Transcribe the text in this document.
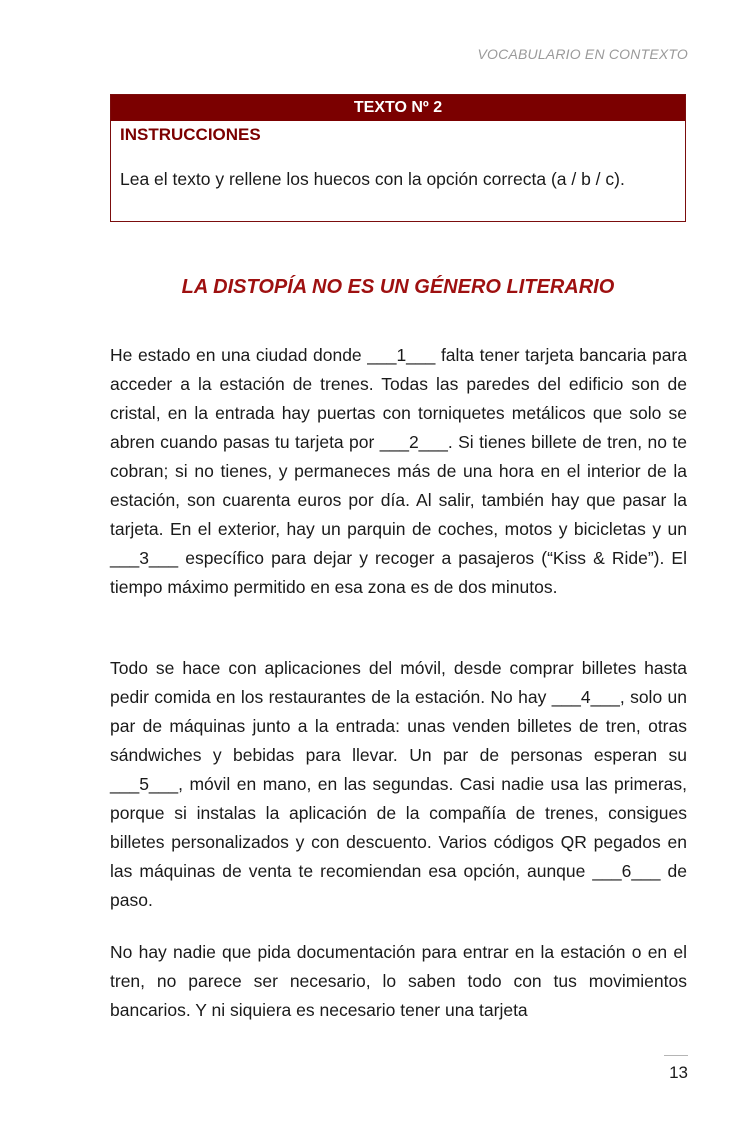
VOCABULARIO EN CONTEXTO
TEXTO Nº 2
INSTRUCCIONES
Lea el texto y rellene los huecos con la opción correcta (a / b / c).
LA DISTOPÍA NO ES UN GÉNERO LITERARIO
He estado en una ciudad donde ___1___ falta tener tarjeta bancaria para acceder a la estación de trenes. Todas las paredes del edificio son de cristal, en la entrada hay puertas con torniquetes metálicos que solo se abren cuando pasas tu tarjeta por ___2___. Si tienes billete de tren, no te cobran; si no tienes, y permaneces más de una hora en el interior de la estación, son cuarenta euros por día. Al salir, también hay que pasar la tarjeta. En el exterior, hay un parquin de coches, motos y bicicletas y un ___3___ específico para dejar y recoger a pasajeros (“Kiss & Ride”). El tiempo máximo permitido en esa zona es de dos minutos.
Todo se hace con aplicaciones del móvil, desde comprar billetes hasta pedir comida en los restaurantes de la estación. No hay ___4___, solo un par de máquinas junto a la entrada: unas venden billetes de tren, otras sándwiches y bebidas para llevar. Un par de personas esperan su ___5___, móvil en mano, en las segundas. Casi nadie usa las primeras, porque si instalas la aplicación de la compañía de trenes, consigues billetes personalizados y con descuento. Varios códigos QR pegados en las máquinas de venta te recomiendan esa opción, aunque ___6___ de paso.
No hay nadie que pida documentación para entrar en la estación o en el tren, no parece ser necesario, lo saben todo con tus movimientos bancarios. Y ni siquiera es necesario tener una tarjeta
13
